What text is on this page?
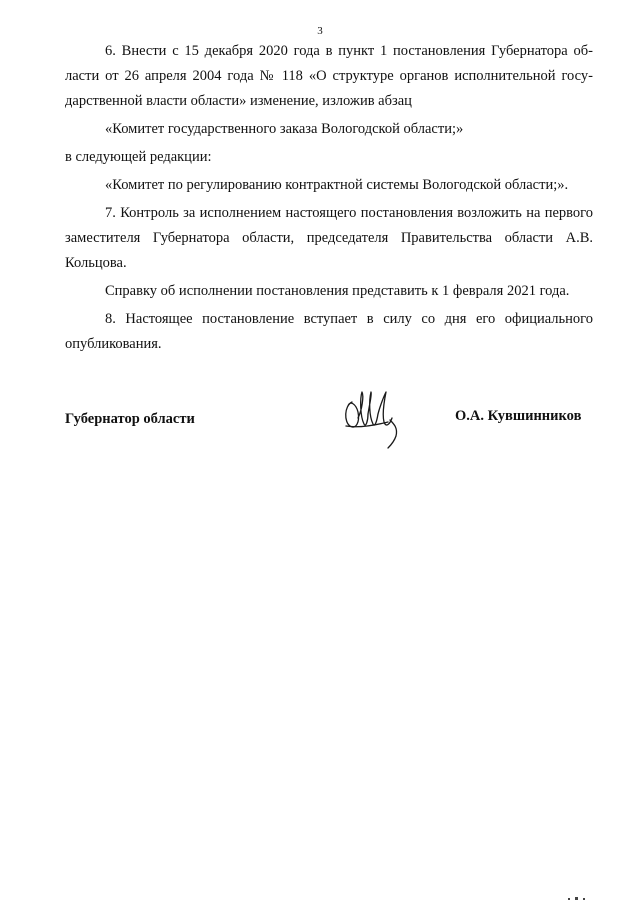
3

6. Внести с 15 декабря 2020 года в пункт 1 постановления Губернатора области от 26 апреля 2004 года № 118 «О структуре органов исполнительной государственной власти области» изменение, изложив абзац

«Комитет государственного заказа Вологодской области;»

в следующей редакции:

«Комитет по регулированию контрактной системы Вологодской области;».

7. Контроль за исполнением настоящего постановления возложить на первого заместителя Губернатора области, председателя Правительства области А.В. Кольцова.

Справку об исполнении постановления представить к 1 февраля 2021 года.

8. Настоящее постановление вступает в силу со дня его официального опубликования.

Губернатор области	О.А. Кувшинников
